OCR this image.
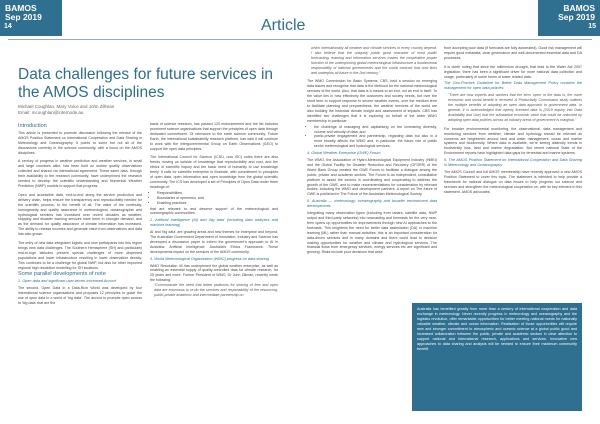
BAMOS
Sep 2019
14
BAMOS
Sep 2019
15
Article
Data challenges for future services in the AMOS disciplines
Michael Coughlan, Mary Voice and John Zillman
Email: mcoughlan@internode.au
Introduction
This article is presented to promote discussion following the release of the AMOS Position Statement on International Cooperation and Data Sharing in Meteorology and Oceanography. It points to some but not all of the discussions currently in the science community, with a focus on the AMOS disciplines.
A century of progress in weather prediction and weather services, in small and large countries alike, has been built on routine quality observations collected and shared via international agreement. These same data, through their availability to the research community, have underpinned the research needed to develop the scientific understanding and Numerical Weather Prediction (NWP) models to support that progress.
Open and accessible data, end-to-end along the service production and delivery chain, helps ensure the transparency and reproducibility needed for the scientific process, to the benefit of all. The value of the continuity, homogeneity and quality assurance in meteorological, oceanographic and hydrological services has increased over recent decades as weather, shipping and disaster warning services have been in stronger demand, and as the demand for quality assurance of climate information has increased. The ability to release incomes and generate value from observations and data has also grown.
The entry of new data integrated logistic and new participants into this region brings new data challenges. The Southern Hemisphere (SH) and particularly mid-to-high latitudes present special challenges of more dispersed populations and lower infrastructure resulting in lower observation density. This continues to be a challenge for global NWP, but also for other improved regional high resolution modelling for SH locations.
Some parallel developments of note
1. Open data and significant user-driven Increased Accord
The second, Open Data in a Data-Rich World was developed by four international science organisations and proposes 12 principles to guide the use of open data in a world of 'big data'. The accord to promote open access to 'big data' that are the
basis of science research, has passed 120 endorsements and the list includes prominent science organisations that support the principles of open data through dedicated commitment. Of relevance to the earth science community, Future Earth, the international sustainability research platform, has said it will continue to work with the intergovernmental Group on Earth Observations (GEO) to support the open data principles.
The International Council for Science (ICSU, now ISC) notes there are also trends moving us outside of knowledge that reproducibility and cost, and the ethics of scientific inquiry and the basic need of humanity to use knowledge freely. It calls for scientific enterprise to illustrate, with commitment to principles of open data, open information and open knowledge from the global scientific community. The ICS has developed a set of Principles of Open Data under three headings of:
• Responsibilities,
• Boundaries of openness, and
• Enabling practices
that are relevant to and deserve support of the meteorological and oceanographic communities.
2. Artificial Intelligence (AI) and 'big data' (including data analytics and machine learning)
AI and 'big data' are growing areas and new themes for enterprise and beyond. The Australian Government Department of Innovation, Industry and Science has developed a discussion paper to inform the government's approach to AI in Australia: Artificial Intelligence: Australia's Ethics Framework. These developments impact on the services of the AMOS community.
3. World Meteorological Organization (WMO) progress on data sharing
WMO Resolution 40 has underpinned the global weather enterprise, as well as enabling an essential supply of quality-controlled data for climate research, for 25 years and more. Former President of WMO, Dr John Zillman, recently wrote the following:
"Communicate the need that better platforms for sharing of free and open data are enormous to re-do the services and responsibility of the resourcing, public-private academic and intermediate partnership on
which internationally all weather and climate services in every country depend. I also believe that the uniquely public good character of most public forecasting, warning and information services makes the cooperative proper function of the underpinning global meteorological infrastructure a fundamental responsibility of national governments and the social contract that now links and underpins all future in the 2nd century."
The WMO Commission for Basic Systems, CBS, held a session on emerging data issues and recognise that data is the lifeblood for the national meteorological services of the world. Also, that data is a means to an end, not an end in itself. To the value lies in how effectively the customers and society needs, but over the short term to support response to severe weather events, over the medium term to facilitate planning and preparedness, the weather services of the world are also building the historical climate insight and assessment of impacts. CBS has identified two challenges that it is exploring on behalf of the wider WMO membership in particular:
• the challenge of managing and capitalising on the increasing diversity, volume and velocity of data; and
• public-private engagement and partnership, regarding data but also in a more broadly affects the WMO and, in particular, the future role of public sector meteorological and hydrological services.
4. Global Weather Enterprise (GWE) Forum
The WMO, the Association of Hydro-Meteorological Equipment Industry (HMEI) and the Global Facility for Disaster Reduction and Recovery (GFDRR) of the World Bank Group created the GWE Forum to facilitate a dialogue among the public, private and academic sectors. The Forum is an independent, consultative platform to assist the sectors in coordinating and cooperating to address the growth of the GWE, and to make recommendations for consideration by relevant bodies, including the WMO and development partners. A report on The future of GWE is published in The Future of the Australian Meteorological Society.
5. Australia — meteorology, oceanography and broader environment data developments
Integrating many observation types (including from radars, satellite data, NWP output and third-party networks) into nowcasting and forecasts for the very near-term opens up opportunities for improvements through new AI approaches to the forecasts. This heightens the need for better data assimilation (DA) or machine learning (ML) rather than manual activities; this is an important consideration for data-driven services and in many domains and there could lead to decision making opportunities for weather and climate and hydrological services. The financial flows from emergency services, energy services etc are significant and growing. Risks include poor decisions that arise
from accepting poor data (if forecasts are fully automated). Good risk management will require good metadata, clear governance and well-documented essential data and DA processes.
It is worth noting that since the millennium drought, that lead to the Water Act 2007 legislation, there has been a significant driver for more national data collection and usage, particularly of some forms of water related data.
The Geo-Practice Guideline for Better Data Management Policy contains the management for open data policies:
"There are now experts and workers that the term 'open' in the data is, the more economic and social benefit is received. A Productivity Commission study outlines the multiple benefits of adopting an open data approach to government data. In general, it is acknowledged that openly licensed data is (2019 inquiry into Data Availability and Use) that the substantial economic value that could be unlocked by adopting open data policies across all industry areas of government is marginal."
For broader environmental monitoring, the observational, data management and monitoring services from weather, climate and hydrology should be relevant as concerns are heightened around land and water management, ocean and marine systems and biodiversity. Where data is available, we're seeing distinctly trends in biodiversity loss, land and marine degradation. But recent national State of the Environment reports have highlighted data gaps for terrestrial and marine systems.
6. The AMOS Position Statement on International Cooperation and Data Sharing in Meteorology and Oceanography
The AMOS Council and full AMOS membership have recently approved a new AMOS Position Statement to cover this topic. The statement is intended to help provide a framework for national dialogue on data issues to help progress our science and services and strengthen the meteorological cooperation on, with its key element in this statement, AMOS advocates:
Australia has benefited greatly from more than a century of international cooperation and data exchange in meteorology. Never recently progress in meteorology and oceanography and the logistics revolution, offer remarkable opportunities for better meeting national needs for nationally valuable weather, climate and ocean information. Realisation of those opportunities will require new and stronger commitment to atmospheric and oceanic science at a global public good and increased collaboration between the public, private and academic sectors in clear attention to support national and international research, applications and services. Innovative new approaches to data sharing and analysis will be needed to ensure their maximum community benefit.
